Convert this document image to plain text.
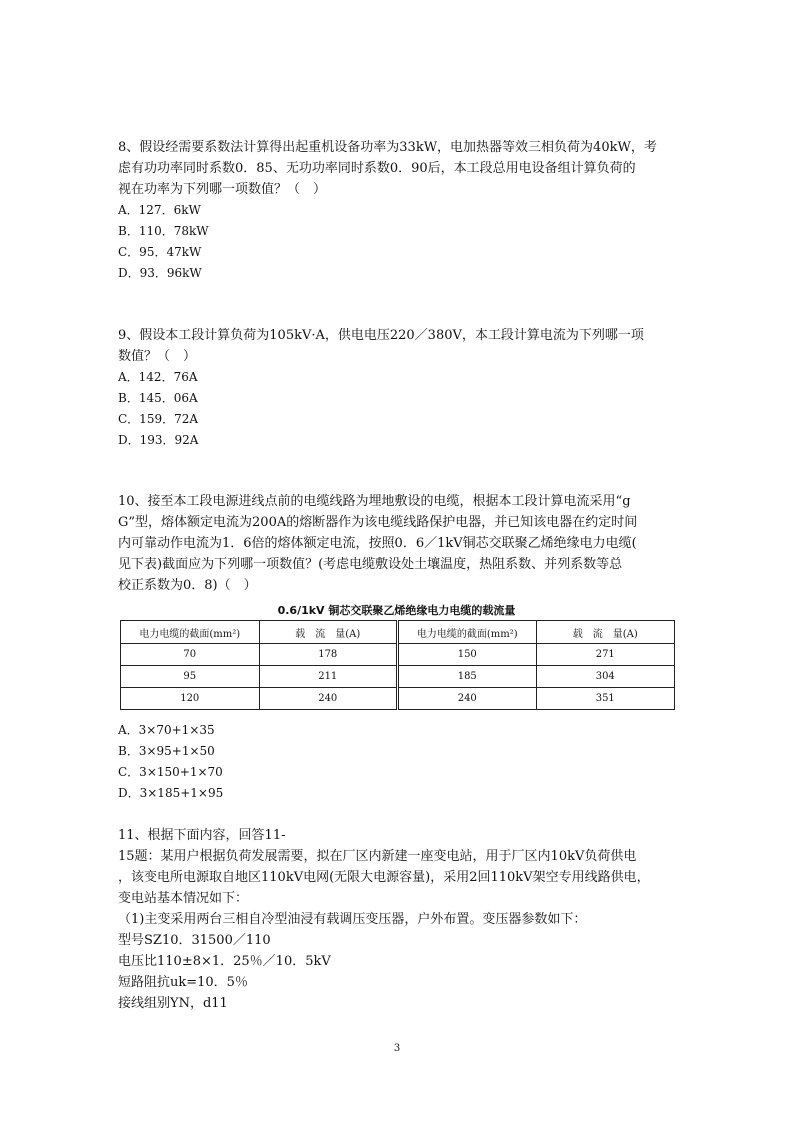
8、假设经需要系数法计算得出起重机设备功率为33kW，电加热器等效三相负荷为40kW，考

虑有功功率同时系数0．85、无功功率同时系数0．90后，本工段总用电设备组计算负荷的

视在功率为下列哪一项数值？（　）

A．127．6kW

B．110．78kW

C．95．47kW

D．93．96kW

9、假设本工段计算负荷为105kV·A，供电电压220／380V，本工段计算电流为下列哪一项

数值？（　）

A．142．76A

B．145．06A

C．159．72A

D．193．92A

10、接至本工段电源进线点前的电缆线路为埋地敷设的电缆，根据本工段计算电流采用“g

G”型，熔体额定电流为200A的熔断器作为该电缆线路保护电器，并已知该电器在约定时间

内可靠动作电流为1．6倍的熔体额定电流，按照0．6／1kV铜芯交联聚乙烯绝缘电力电缆(

见下表)截面应为下列哪一项数值？(考虑电缆敷设处土壤温度，热阻系数、并列系数等总

校正系数为0．8)（　）

0.6/1kV 铜芯交联聚乙烯绝缘电力电缆的载流量
电力电缆的截面(mm²)	载　流　量(A)	电力电缆的截面(mm²)	载　流　量(A)
70	178	150	271
95	211	185	304
120	240	240	351

A．3×70+1×35

B．3×95+1×50

C．3×150+1×70

D．3×185+1×95

11、根据下面内容，回答11-

15题：某用户根据负荷发展需要，拟在厂区内新建一座变电站，用于厂区内10kV负荷供电

，该变电所电源取自地区110kV电网(无限大电源容量)，采用2回110kV架空专用线路供电，

变电站基本情况如下：

（1)主变采用两台三相自冷型油浸有载调压变压器，户外布置。变压器参数如下：

型号SZ10．31500／110

电压比110±8×1．25％／10．5kV

短路阻抗uk=10．5％

接线组别YN，d11

3
